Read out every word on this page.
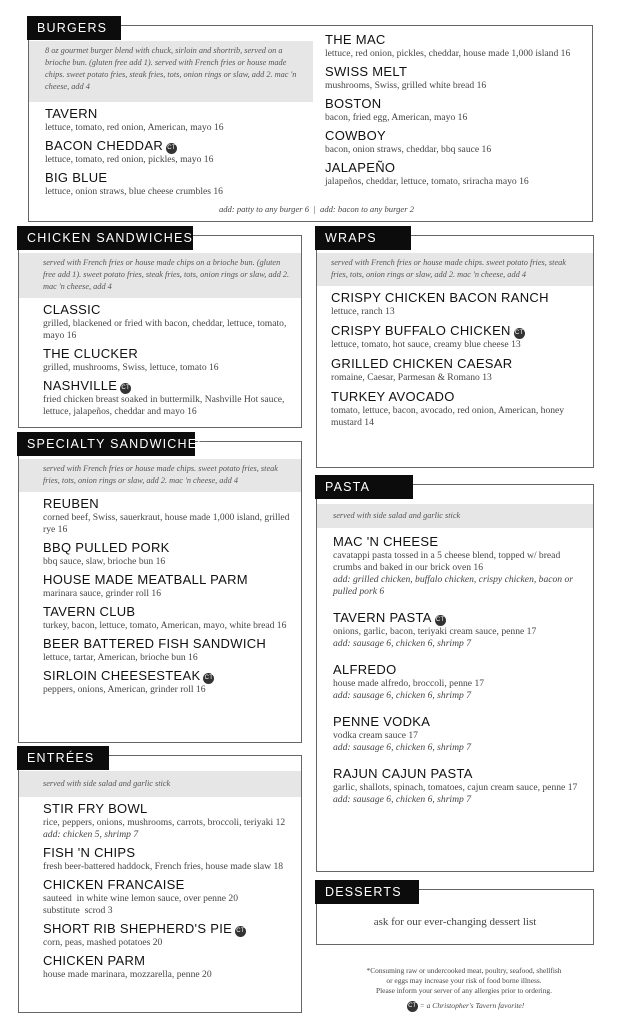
BURGERS
8 oz gourmet burger blend with chuck, sirloin and shortrib, served on a brioche bun. (gluten free add 1). served with French fries or house made chips. sweet potato fries, steak fries, tots, onion rings or slaw, add 2. mac 'n cheese, add 4
TAVERN
lettuce, tomato, red onion, American, mayo 16
BACON CHEDDAR CT
lettuce, tomato, red onion, pickles, mayo 16
BIG BLUE
lettuce, onion straws, blue cheese crumbles 16
THE MAC
lettuce, red onion, pickles, cheddar, house made 1,000 island 16
SWISS MELT
mushrooms, Swiss, grilled white bread 16
BOSTON
bacon, fried egg, American, mayo 16
COWBOY
bacon, onion straws, cheddar, bbq sauce 16
JALAPEÑO
jalapeños, cheddar, lettuce, tomato, sriracha mayo 16
add: patty to any burger 6  |  add: bacon to any burger 2
CHICKEN SANDWICHES
served with French fries or house made chips on a brioche bun. (gluten free add 1). sweet potato fries, steak fries, tots, onion rings or slaw, add 2. mac 'n cheese, add 4
CLASSIC
grilled, blackened or fried with bacon, cheddar, lettuce, tomato, mayo 16
THE CLUCKER
grilled, mushrooms, Swiss, lettuce, tomato 16
NASHVILLE CT
fried chicken breast soaked in buttermilk, Nashville Hot sauce, lettuce, jalapeños, cheddar and mayo 16
WRAPS
served with French fries or house made chips. sweet potato fries, steak fries, tots, onion rings or slaw, add 2. mac 'n cheese, add 4
CRISPY CHICKEN BACON RANCH
lettuce, ranch 13
CRISPY BUFFALO CHICKEN CT
lettuce, tomato, hot sauce, creamy blue cheese 13
GRILLED CHICKEN CAESAR
romaine, Caesar, Parmesan & Romano 13
TURKEY AVOCADO
tomato, lettuce, bacon, avocado, red onion, American, honey mustard 14
SPECIALTY SANDWICHES
served with French fries or house made chips. sweet potato fries, steak fries, tots, onion rings or slaw, add 2. mac 'n cheese, add 4
REUBEN
corned beef, Swiss, sauerkraut, house made 1,000 island, grilled rye 16
BBQ PULLED PORK
bbq sauce, slaw, brioche bun 16
HOUSE MADE MEATBALL PARM
marinara sauce, grinder roll 16
TAVERN CLUB
turkey, bacon, lettuce, tomato, American, mayo, white bread 16
BEER BATTERED FISH SANDWICH
lettuce, tartar, American, brioche bun 16
SIRLOIN CHEESESTEAK CT
peppers, onions, American, grinder roll 16
PASTA
served with side salad and garlic stick
MAC 'N CHEESE
cavatappi pasta tossed in a 5 cheese blend, topped w/ bread crumbs and baked in our brick oven 16
add: grilled chicken, buffalo chicken, crispy chicken, bacon or pulled pork 6
TAVERN PASTA CT
onions, garlic, bacon, teriyaki cream sauce, penne 17
add: sausage 6, chicken 6, shrimp 7
ALFREDO
house made alfredo, broccoli, penne 17
add: sausage 6, chicken 6, shrimp 7
PENNE VODKA
vodka cream sauce 17
add: sausage 6, chicken 6, shrimp 7
RAJUN CAJUN PASTA
garlic, shallots, spinach, tomatoes, cajun cream sauce, penne 17
add: sausage 6, chicken 6, shrimp 7
ENTRÉES
served with side salad and garlic stick
STIR FRY BOWL
rice, peppers, onions, mushrooms, carrots, broccoli, teriyaki 12 add: chicken 5, shrimp 7
FISH 'N CHIPS
fresh beer-battered haddock, French fries, house made slaw 18
CHICKEN FRANCAISE
sauteed  in white wine lemon sauce, over penne 20
substitute  scrod 3
SHORT RIB SHEPHERD'S PIE CT
corn, peas, mashed potatoes 20
CHICKEN PARM
house made marinara, mozzarella, penne 20
DESSERTS
ask for our ever-changing dessert list
*Consuming raw or undercooked meat, poultry, seafood, shellfish
or eggs may increase your risk of food borne illness.
Please inform your server of any allergies prior to ordering.
CT = a Christopher's Tavern favorite!
